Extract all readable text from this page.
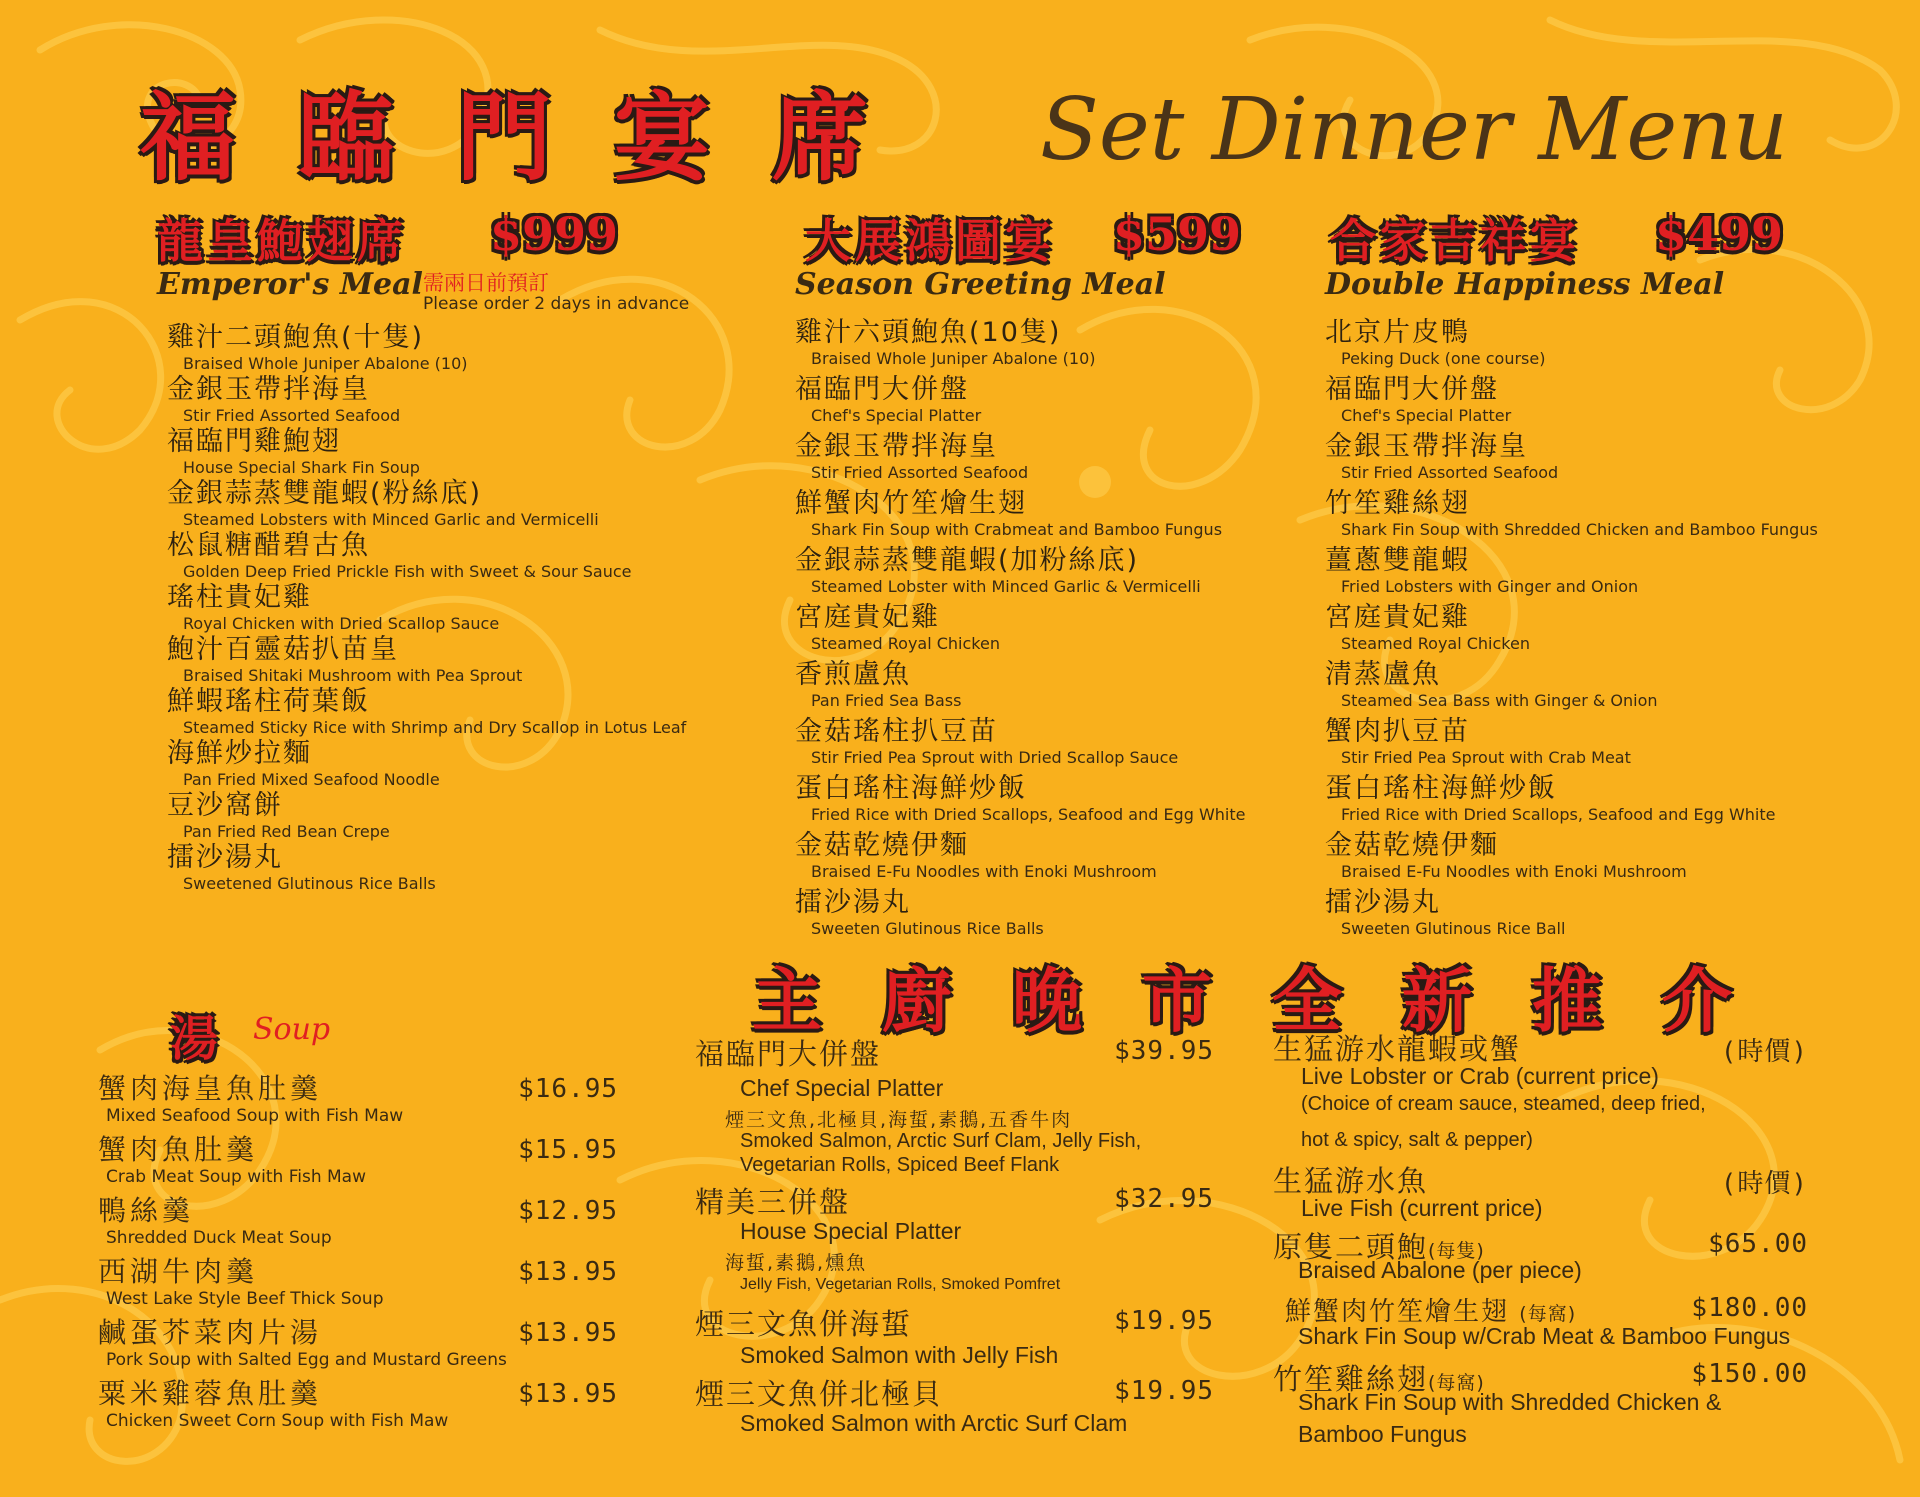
福臨門宴席 Set Dinner Menu
龍皇鮑翅席 $999
Emperor's Meal 需兩日前預訂
Please order 2 days in advance
雞汁二頭鮑魚(十隻)
Braised Whole Juniper Abalone (10)
金銀玉帶拌海皇
Stir Fried Assorted Seafood
福臨門雞鮑翅
House Special Shark Fin Soup
金銀蒜蒸雙龍蝦(粉絲底)
Steamed Lobsters with Minced Garlic and Vermicelli
松鼠糖醋碧古魚
Golden Deep Fried Prickle Fish with Sweet & Sour Sauce
瑤柱貴妃雞
Royal Chicken with Dried Scallop Sauce
鮑汁百靈菇扒苗皇
Braised Shitaki Mushroom with Pea Sprout
鮮蝦瑤柱荷葉飯
Steamed Sticky Rice with Shrimp and Dry Scallop in Lotus Leaf
海鮮炒拉麵
Pan Fried Mixed Seafood Noodle
豆沙窩餅
Pan Fried Red Bean Crepe
擂沙湯丸
Sweetened Glutinous Rice Balls
大展鴻圖宴 $599
Season Greeting Meal
雞汁六頭鮑魚(10隻)
Braised Whole Juniper Abalone (10)
福臨門大併盤
Chef's Special Platter
金銀玉帶拌海皇
Stir Fried Assorted Seafood
鮮蟹肉竹笙燴生翅
Shark Fin Soup with Crabmeat and Bamboo Fungus
金銀蒜蒸雙龍蝦(加粉絲底)
Steamed Lobster with Minced Garlic & Vermicelli
宮庭貴妃雞
Steamed Royal Chicken
香煎盧魚
Pan Fried Sea Bass
金菇瑤柱扒豆苗
Stir Fried Pea Sprout with Dried Scallop Sauce
蛋白瑤柱海鮮炒飯
Fried Rice with Dried Scallops, Seafood and Egg White
金菇乾燒伊麵
Braised E-Fu Noodles with Enoki Mushroom
擂沙湯丸
Sweeten Glutinous Rice Balls
合家吉祥宴 $499
Double Happiness Meal
北京片皮鴨
Peking Duck (one course)
福臨門大併盤
Chef's Special Platter
金銀玉帶拌海皇
Stir Fried Assorted Seafood
竹笙雞絲翅
Shark Fin Soup with Shredded Chicken and Bamboo Fungus
薑蔥雙龍蝦
Fried Lobsters with Ginger and Onion
宮庭貴妃雞
Steamed Royal Chicken
清蒸盧魚
Steamed Sea Bass with Ginger & Onion
蟹肉扒豆苗
Stir Fried Pea Sprout with Crab Meat
蛋白瑤柱海鮮炒飯
Fried Rice with Dried Scallops, Seafood and Egg White
金菇乾燒伊麵
Braised E-Fu Noodles with Enoki Mushroom
擂沙湯丸
Sweeten Glutinous Rice Ball
主廚晚市全新推介
湯 Soup
蟹肉海皇魚肚羹
Mixed Seafood Soup with Fish Maw
$16.95
蟹肉魚肚羹
Crab Meat Soup with Fish Maw
$15.95
鴨絲羹
Shredded Duck Meat Soup
$12.95
西湖牛肉羹
West Lake Style Beef Thick Soup
$13.95
鹹蛋芥菜肉片湯
Pork Soup with Salted Egg and Mustard Greens
$13.95
粟米雞蓉魚肚羹
Chicken Sweet Corn Soup with Fish Maw
$13.95
福臨門大併盤	$39.95
Chef Special Platter
煙三文魚,北極貝,海蜇,素鵝,五香牛肉
Smoked Salmon, Arctic Surf Clam, Jelly Fish,
Vegetarian Rolls, Spiced Beef Flank
精美三併盤	$32.95
House Special Platter
海蜇,素鵝,燻魚
Jelly Fish, Vegetarian Rolls, Smoked Pomfret
煙三文魚併海蜇	$19.95
Smoked Salmon with Jelly Fish
煙三文魚併北極貝	$19.95
Smoked Salmon with Arctic Surf Clam
生猛游水龍蝦或蟹	(時價)
Live Lobster or Crab (current price)
(Choice of cream sauce, steamed, deep fried,
hot & spicy, salt & pepper)
生猛游水魚	(時價)
Live Fish (current price)
原隻二頭鮑(每隻)	$65.00
Braised Abalone (per piece)
鮮蟹肉竹笙燴生翅 (每窩)	$180.00
Shark Fin Soup w/Crab Meat & Bamboo Fungus
竹笙雞絲翅(每窩)	$150.00
Shark Fin Soup with Shredded Chicken &
Bamboo Fungus
